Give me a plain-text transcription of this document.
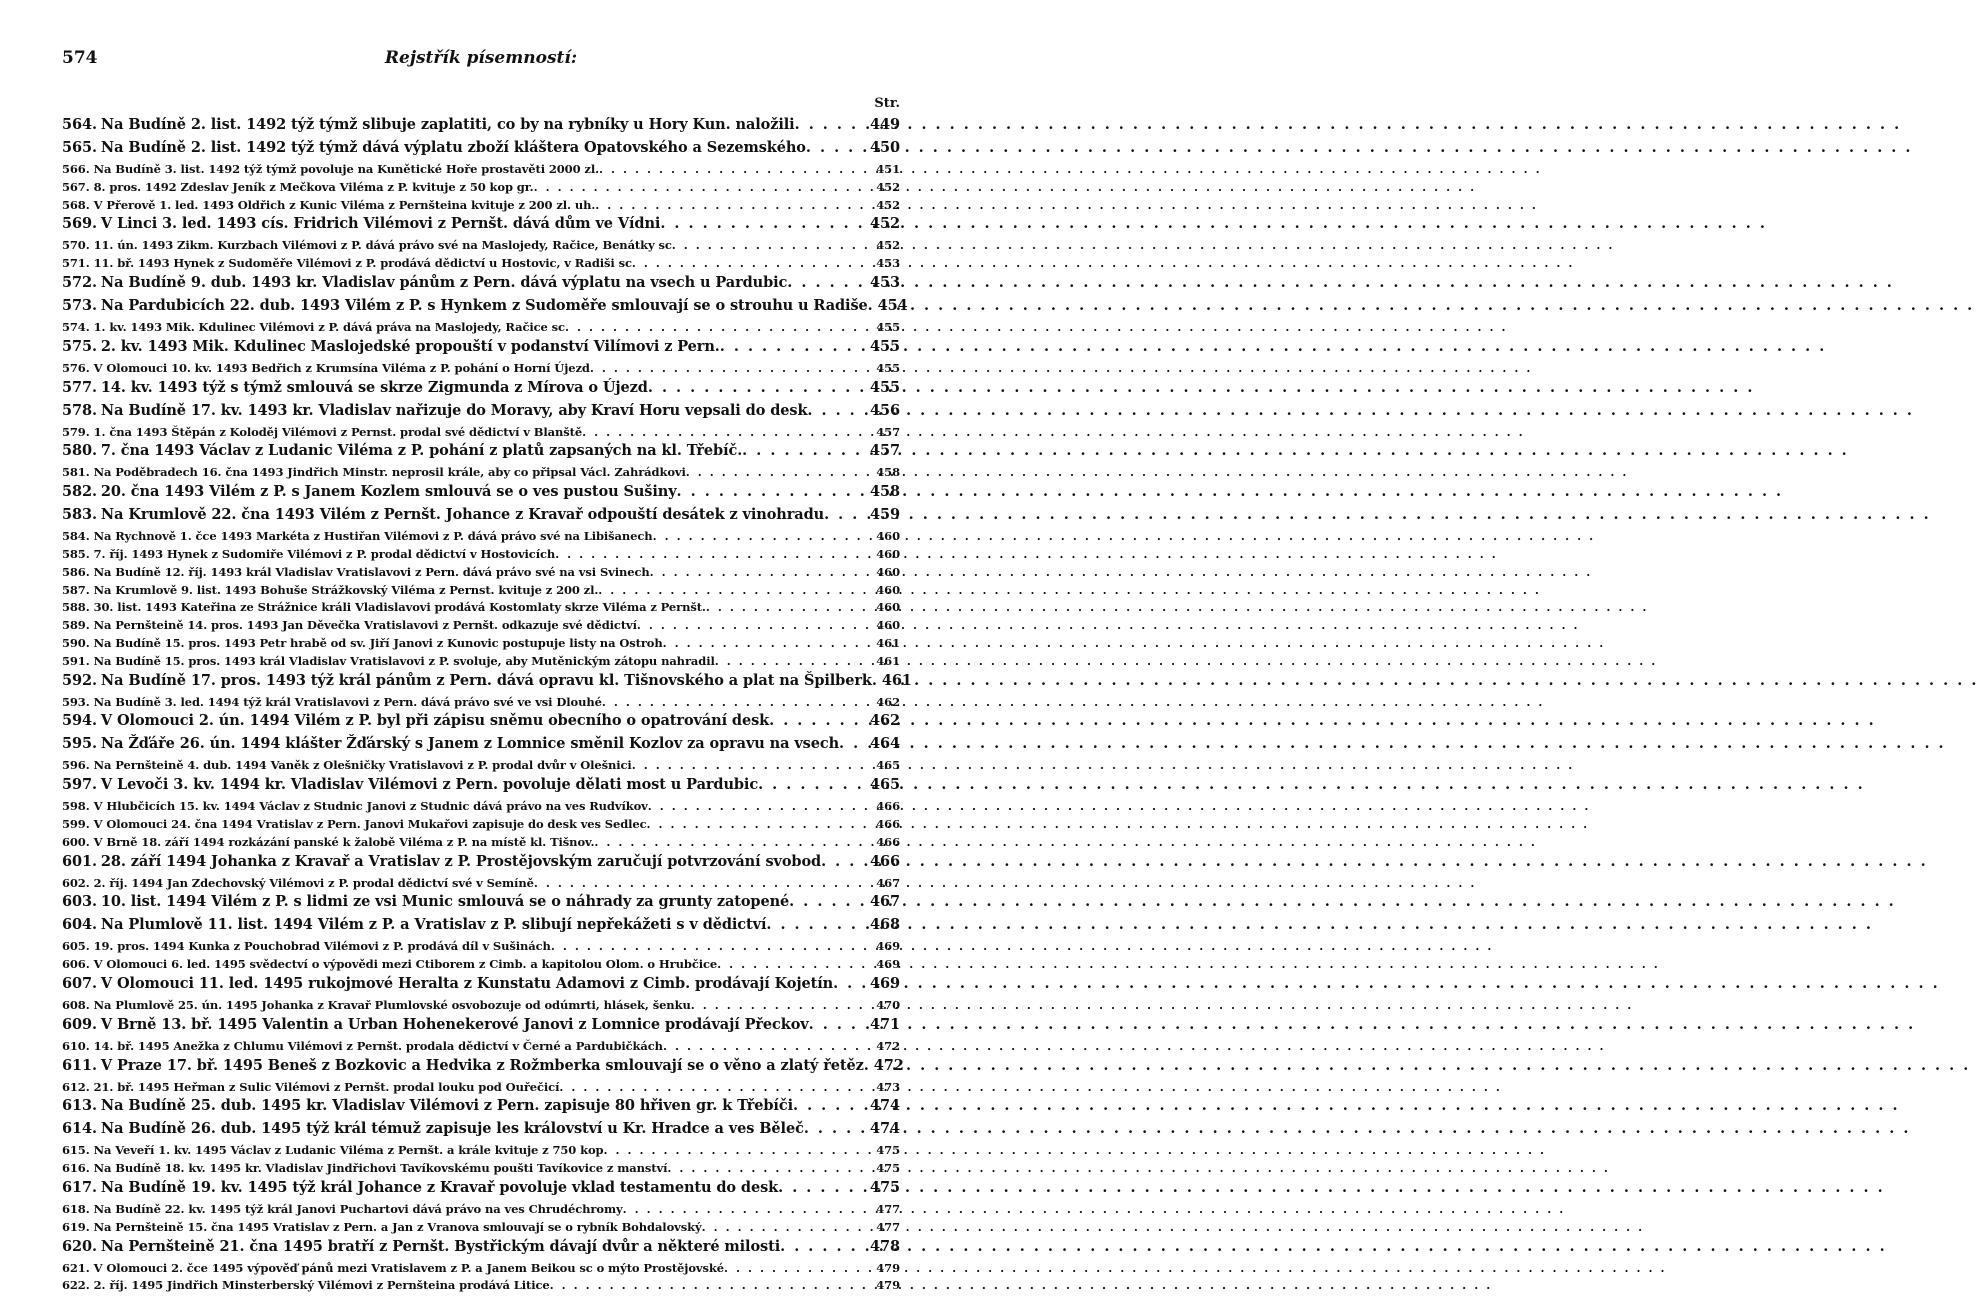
574	Rejstřík písemností:
Str.
564. Na Budíně 2. list. 1492 týž týmž slibuje zaplatiti, co by na rybníky u Hory Kun. naložili . . .	449
565. Na Budíně 2. list. 1492 týž týmž dává výplatu zboží kláštera Opatovského a Sezemského . . .	450
566. Na Budíně 3. list. 1492 týž týmž povoluje na Kunětické Hoře prostavěti 2000 zl. . . .	451
567. 8. pros. 1492 Zdeslav Jeník z Mečkova Viléma z P. kvituje z 50 kop gr. . . .	452
568. V Přerově 1. led. 1493 Oldřich z Kunic Viléma z Pernšteina kvituje z 200 zl. uh. . . .	452
569. V Linci 3. led. 1493 cís. Fridrich Vilémovi z Pernšt. dává dům ve Vídni . . .	452
570. 11. ún. 1493 Zikm. Kurzbach Vilémovi z P. dává právo své na Maslojedy, Račice, Benátky sc . . .	452
571. 11. bř. 1493 Hynek z Sudoměře Vilémovi z P. prodává dědictví u Hostovic, v Radiši sc . . .	453
572. Na Budíně 9. dub. 1493 kr. Vladislav pánům z Pern. dává výplatu na vsech u Pardubic . . .	453
573. Na Pardubicích 22. dub. 1493 Vilém z P. s Hynkem z Sudoměře smlouvají se o strouhu u Radiše . . . 454
574. 1. kv. 1493 Mik. Kdulinec Vilémovi z P. dává práva na Maslojedy, Račice sc . . .	455
575. 2. kv. 1493 Mik. Kdulinec Maslojedské propouští v podanství Vilímovi z Pern. . . .	455
576. V Olomouci 10. kv. 1493 Bedřich z Krumsína Viléma z P. pohání o Horní Újezd . . .	455
577. 14. kv. 1493 týž s týmž smlouvá se skrze Zigmunda z Mírova o Újezd . . .	455
578. Na Budíně 17. kv. 1493 kr. Vladislav nařizuje do Moravy, aby Kraví Horu vepsali do desk . . .	456
579. 1. čna 1493 Štěpán z Koloděj Vilémovi z Pernst. prodal své dědictví v Blanště . . .	457
580. 7. čna 1493 Václav z Ludanic Viléma z P. pohání z platů zapsaných na kl. Třebíč. . . .	457
581. Na Poděbradech 16. čna 1493 Jindřich Minstr. neprosil krále, aby co připsal Václ. Zahrádkovi . . .	458
582. 20. čna 1493 Vilém z P. s Janem Kozlem smlouvá se o ves pustou Sušiny . . .	458
583. Na Krumlově 22. čna 1493 Vilém z Pernšt. Johance z Kravař odpouští desátek z vinohradu . . .	459
584. Na Rychnově 1. čce 1493 Markéta z Hustiřan Vilémovi z P. dává právo své na Libišanech . . .	460
585. 7. říj. 1493 Hynek z Sudomiře Vilémovi z P. prodal dědictví v Hostovicích . . .	460
586. Na Budíně 12. říj. 1493 král Vladislav Vratislavovi z Pern. dává právo své na vsi Svinech . . .	460
587. Na Krumlově 9. list. 1493 Bohuše Strážkovský Viléma z Pernst. kvituje z 200 zl. . . .	460
588. 30. list. 1493 Kateřina ze Strážnice králi Vladislavovi prodává Kostomlaty skrze Viléma z Pernšt. . . .	460
589. Na Pernšteině 14. pros. 1493 Jan Děvečka Vratislavovi z Pernšt. odkazuje své dědictví . . .	460
590. Na Budíně 15. pros. 1493 Petr hrabě od sv. Jiří Janovi z Kunovic postupuje listy na Ostroh . . .	461
591. Na Budíně 15. pros. 1493 král Vladislav Vratislavovi z P. svoluje, aby Mutěnickým zátopu nahradil . . .	461
592. Na Budíně 17. pros. 1493 týž král pánům z Pern. dává opravu kl. Tišnovského a plat na Špilberk . . . 461
593. Na Budíně 3. led. 1494 týž král Vratislavovi z Pern. dává právo své ve vsi Dlouhé . . .	462
594. V Olomouci 2. ún. 1494 Vilém z P. byl při zápisu sněmu obecního o opatrování desk . . .	462
595. Na Žďáře 26. ún. 1494 klášter Žďárský s Janem z Lomnice směnil Kozlov za opravu na vsech . . . 464
596. Na Pernšteině 4. dub. 1494 Vaněk z Olešničky Vratislavovi z P. prodal dvůr v Olešnici . . .	465
597. V Levoči 3. kv. 1494 kr. Vladislav Vilémovi z Pern. povoluje dělati most u Pardubic . . .	465
598. V Hlubčicích 15. kv. 1494 Václav z Studnic Janovi z Studnic dává právo na ves Rudvíkov . . .	466
599. V Olomouci 24. čna 1494 Vratislav z Pern. Janovi Mukařovi zapisuje do desk ves Sedlec . . .	466
600. V Brně 18. září 1494 rozkázání panské k žalobě Viléma z P. na místě kl. Tišnov. . . .	466
601. 28. září 1494 Johanka z Kravař a Vratislav z P. Prostějovským zaručují potvrzování svobod . . .	466
602. 2. říj. 1494 Jan Zdechovský Vilémovi z P. prodal dědictví své v Semíně . . .	467
603. 10. list. 1494 Vilém z P. s lidmi ze vsi Munic smlouvá se o náhrady za grunty zatopené . . .	467
604. Na Plumlově 11. list. 1494 Vilém z P. a Vratislav z P. slibují nepřekážeti s v dědictví . . .	468
605. 19. pros. 1494 Kunka z Pouchobrad Vilémovi z P. prodává díl v Sušinách . . .	469
606. V Olomouci 6. led. 1495 svědectví o výpovědi mezi Ctiborem z Cimb. a kapitolou Olom. o Hrubčice . . .	469
607. V Olomouci 11. led. 1495 rukojmové Heralta z Kunstatu Adamovi z Cimb. prodávají Kojetín . . .	469
608. Na Plumlově 25. ún. 1495 Johanka z Kravař Plumlovské osvobozuje od odúmrti, hlásek, šenku . . .	470
609. V Brně 13. bř. 1495 Valentin a Urban Hohenekerové Janovi z Lomnice prodávají Přeckov . . .	471
610. 14. bř. 1495 Anežka z Chlumu Vilémovi z Pernšt. prodala dědictví v Černé a Pardubičkách . . .	472
611. V Praze 17. bř. 1495 Beneš z Bozkovic a Hedvika z Rožmberka smlouvají se o věno a zlatý řetěz . . . 472
612. 21. bř. 1495 Heřman z Sulic Vilémovi z Pernšt. prodal louku pod Ouřečicí . . .	473
613. Na Budíně 25. dub. 1495 kr. Vladislav Vilémovi z Pern. zapisuje 80 hřiven gr. k Třebíči . . .	474
614. Na Budíně 26. dub. 1495 týž král témuž zapisuje les království u Kr. Hradce a ves Běleč . . .	474
615. Na Veveří 1. kv. 1495 Václav z Ludanic Viléma z Pernšt. a krále kvituje z 750 kop . . .	475
616. Na Budíně 18. kv. 1495 kr. Vladislav Jindřichovi Tavíkovskému poušti Tavíkovice z manství . . .	475
617. Na Budíně 19. kv. 1495 týž král Johance z Kravař povoluje vklad testamentu do desk . . .	475
618. Na Budíně 22. kv. 1495 týž král Janovi Puchartovi dává právo na ves Chrudéchromy . . .	477
619. Na Pernšteině 15. čna 1495 Vratislav z Pern. a Jan z Vranova smlouvají se o rybník Bohdalovský . . .	477
620. Na Pernšteině 21. čna 1495 bratří z Pernšt. Bystřickým dávají dvůr a některé milosti . . .	478
621. V Olomouci 2. čce 1495 výpověď pánů mezi Vratislavem z P. a Janem Beikou sc o mýto Prostějovské . . .	479
622. 2. říj. 1495 Jindřich Minsterberský Vilémovi z Pernšteina prodává Litice . . .	479
